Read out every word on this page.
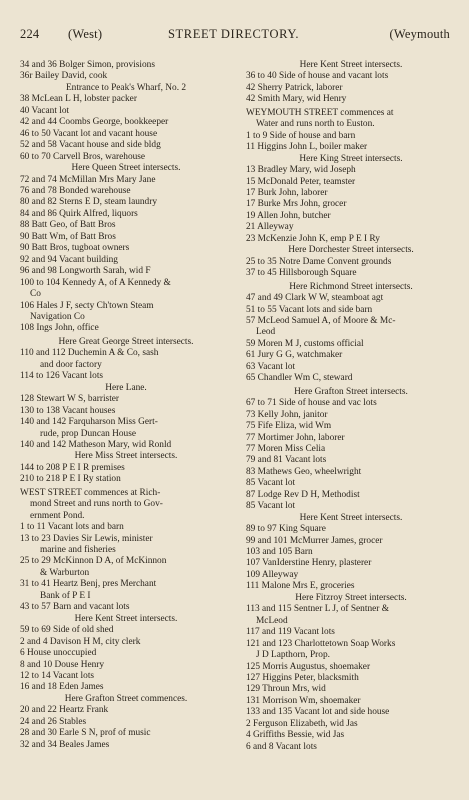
224 (West)	STREET DIRECTORY.	(Weymouth
34 and 36 Bolger Simon, provisions
36r Bailey David, cook
Entrance to Peak's Wharf, No. 2
38 McLean L H, lobster packer
40 Vacant lot
42 and 44 Coombs George, bookkeeper
46 to 50 Vacant lot and vacant house
52 and 58 Vacant house and side bldg
60 to 70 Carvell Bros, warehouse
Here Queen Street intersects.
72 and 74 McMillan Mrs Mary Jane
76 and 78 Bonded warehouse
80 and 82 Sterns E D, steam laundry
84 and 86 Quirk Alfred, liquors
88 Batt Geo, of Batt Bros
90 Batt Wm, of Batt Bros
90 Batt Bros, tugboat owners
92 and 94 Vacant building
96 and 98 Longworth Sarah, wid F
100 to 104 Kennedy A, of A Kennedy &
Co
106 Hales J F, secty Ch'town Steam
Navigation Co
108 Ings John, office
Here Great George Street intersects.
110 and 112 Duchemin A & Co, sash
and door factory
114 to 126 Vacant lots
Here Lane.
128 Stewart W S, barrister
130 to 138 Vacant houses
140 and 142 Farquharson Miss Gert-
rude, prop Duncan House
140 and 142 Matheson Mary, wid Ronld
Here Miss Street intersects.
144 to 208 P E I R premises
210 to 218 P E I Ry station
WEST STREET commences at Rich-
mond Street and runs north to Gov-
ernment Pond.
1 to 11 Vacant lots and barn
13 to 23 Davies Sir Lewis, minister
marine and fisheries
25 to 29 McKinnon D A, of McKinnon
& Warburton
31 to 41 Heartz Benj, pres Merchant
Bank of P E I
43 to 57 Barn and vacant lots
Here Kent Street intersects.
59 to 69 Side of old shed
2 and 4 Davison H M, city clerk
6 House unoccupied
8 and 10 Douse Henry
12 to 14 Vacant lots
16 and 18 Eden James
Here Grafton Street commences.
20 and 22 Heartz Frank
24 and 26 Stables
28 and 30 Earle S N, prof of music
32 and 34 Beales James
Here Kent Street intersects.
36 to 40 Side of house and vacant lots
42 Sherry Patrick, laborer
42 Smith Mary, wid Henry
WEYMOUTH STREET commences at
Water and runs north to Euston.
1 to 9 Side of house and barn
11 Higgins John L, boiler maker
Here King Street intersects.
13 Bradley Mary, wid Joseph
15 McDonald Peter, teamster
17 Burk John, laborer
17 Burke Mrs John, grocer
19 Allen John, butcher
21 Alleyway
23 McKenzie John K, emp P E I Ry
Here Dorchester Street intersects.
25 to 35 Notre Dame Convent grounds
37 to 45 Hillsborough Square
Here Richmond Street intersects.
47 and 49 Clark W W, steamboat agt
51 to 55 Vacant lots and side barn
57 McLeod Samuel A, of Moore & Mc-
Leod
59 Moren M J, customs official
61 Jury G G, watchmaker
63 Vacant lot
65 Chandler Wm C, steward
Here Grafton Street intersects.
67 to 71 Side of house and vac lots
73 Kelly John, janitor
75 Fife Eliza, wid Wm
77 Mortimer John, laborer
77 Moren Miss Celia
79 and 81 Vacant lots
83 Mathews Geo, wheelwright
85 Vacant lot
87 Lodge Rev D H, Methodist
85 Vacant lot
Here Kent Street intersects.
89 to 97 King Square
99 and 101 McMurrer James, grocer
103 and 105 Barn
107 VanIderstine Henry, plasterer
109 Alleyway
111 Malone Mrs E, groceries
Here Fitzroy Street intersects.
113 and 115 Sentner L J, of Sentner &
McLeod
117 and 119 Vacant lots
121 and 123 Charlottetown Soap Works
J D Lapthorn, Prop.
125 Morris Augustus, shoemaker
127 Higgins Peter, blacksmith
129 Throun Mrs, wid
131 Morrison Wm, shoemaker
133 and 135 Vacant lot and side house
2 Ferguson Elizabeth, wid Jas
4 Griffiths Bessie, wid Jas
6 and 8 Vacant lots
